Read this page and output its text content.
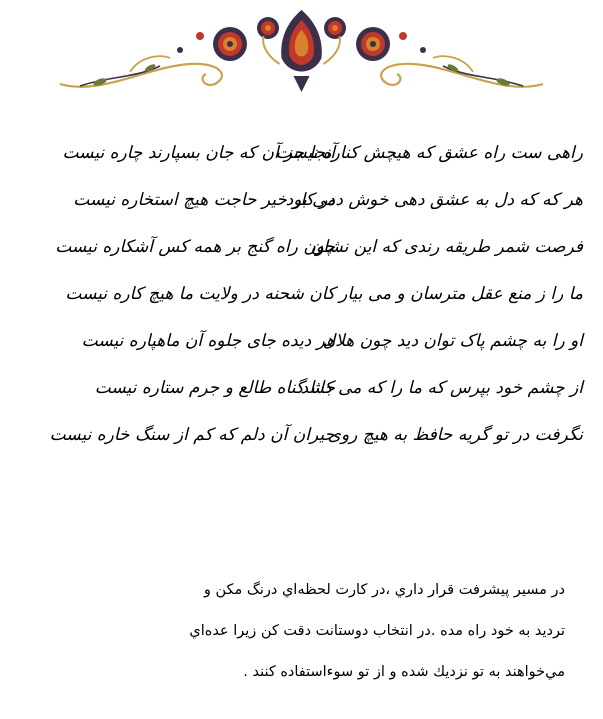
راهی ست راه عشق که هیچش کناره نیست
هر که که دل به عشق دهی خوش دمی بود
فرصت شمر طریقه رندی که این نشان
ما را ز منع عقل مترسان و می بیار
او را به چشم پاک توان دید چون هلال
از چشم خود بپرس که ما را که می کشد
نگرفت در تو گریه حافظ به هیچ روی
آنجا جز آن که جان بسپارند چاره نیست
در کار خیر حاجت هیچ استخاره نیست
چون راه گنج بر همه کس آشکاره نیست
کان شحنه در ولایت ما هیچ کاره نیست
هر دیده جای جلوه آن ماهپاره نیست
جانا گناه طالع و جرم ستاره نیست
حیران آن دلم که کم از سنگ خاره نیست
در مسير پيشرفت قرار داري ،در كارت لحظه‌اي درنگ مكن و
ترديد به خود راه مده .در انتخاب دوستانت دقت كن زيرا عده‌اي
مي‌خواهند به تو نزديك شده و از تو سوءاستفاده كنند .
